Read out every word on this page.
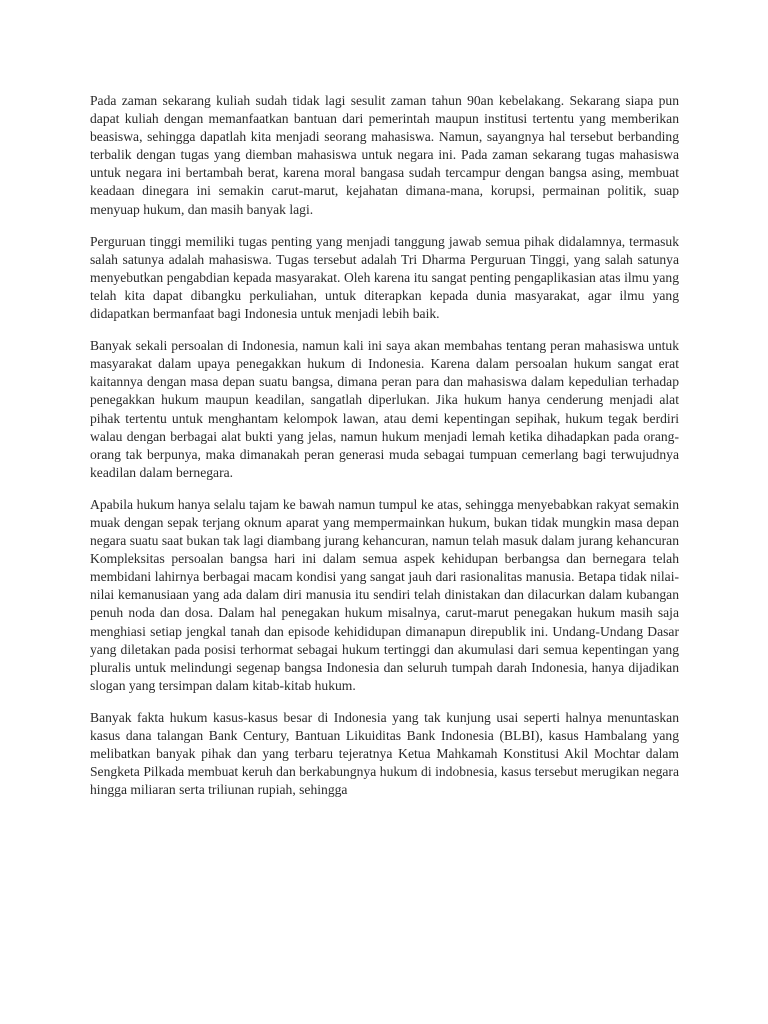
Pada zaman sekarang kuliah sudah tidak lagi sesulit zaman tahun 90an kebelakang. Sekarang siapa pun dapat kuliah dengan memanfaatkan bantuan dari pemerintah maupun institusi tertentu yang memberikan beasiswa, sehingga dapatlah kita menjadi seorang mahasiswa. Namun, sayangnya hal tersebut berbanding terbalik dengan tugas yang diemban mahasiswa untuk negara ini. Pada zaman sekarang tugas mahasiswa untuk negara ini bertambah berat, karena moral bangasa sudah tercampur dengan bangsa asing, membuat keadaan dinegara ini semakin carut-marut, kejahatan dimana-mana, korupsi, permainan politik, suap menyuap hukum, dan masih banyak lagi.

Perguruan tinggi memiliki tugas penting yang menjadi tanggung jawab semua pihak didalamnya, termasuk salah satunya adalah mahasiswa. Tugas tersebut adalah Tri Dharma Perguruan Tinggi, yang salah satunya menyebutkan pengabdian kepada masyarakat. Oleh karena itu sangat penting pengaplikasian atas ilmu yang telah kita dapat dibangku perkuliahan, untuk diterapkan kepada dunia masyarakat, agar ilmu yang didapatkan bermanfaat bagi Indonesia untuk menjadi lebih baik.

Banyak sekali persoalan di Indonesia, namun kali ini saya akan membahas tentang peran mahasiswa untuk masyarakat dalam upaya penegakkan hukum di Indonesia. Karena dalam persoalan hukum sangat erat kaitannya dengan masa depan suatu bangsa, dimana peran para dan mahasiswa dalam kepedulian terhadap penegakkan hukum maupun keadilan, sangatlah diperlukan. Jika hukum hanya cenderung menjadi alat pihak tertentu untuk menghantam kelompok lawan, atau demi kepentingan sepihak, hukum tegak berdiri walau dengan berbagai alat bukti yang jelas, namun hukum menjadi lemah ketika dihadapkan pada orang-orang tak berpunya, maka dimanakah peran generasi muda sebagai tumpuan cemerlang bagi terwujudnya keadilan dalam bernegara.

Apabila hukum hanya selalu tajam ke bawah namun tumpul ke atas, sehingga menyebabkan rakyat semakin muak dengan sepak terjang oknum aparat yang mempermainkan hukum, bukan tidak mungkin masa depan negara suatu saat bukan tak lagi diambang jurang kehancuran, namun telah masuk dalam jurang kehancuran Kompleksitas persoalan bangsa hari ini dalam semua aspek kehidupan berbangsa dan bernegara telah membidani lahirnya berbagai macam kondisi yang sangat jauh dari rasionalitas manusia. Betapa tidak nilai-nilai kemanusiaan yang ada dalam diri manusia itu sendiri telah dinistakan dan dilacurkan dalam kubangan penuh noda dan dosa. Dalam hal penegakan hukum misalnya, carut-marut penegakan hukum masih saja menghiasi setiap jengkal tanah dan episode kehididupan dimanapun direpublik ini. Undang-Undang Dasar yang diletakan pada posisi terhormat sebagai hukum tertinggi dan akumulasi dari semua kepentingan yang pluralis untuk melindungi segenap bangsa Indonesia dan seluruh tumpah darah Indonesia, hanya dijadikan slogan yang tersimpan dalam kitab-kitab hukum.

Banyak fakta hukum kasus-kasus besar di Indonesia yang tak kunjung usai seperti halnya menuntaskan kasus dana talangan Bank Century, Bantuan Likuiditas Bank Indonesia (BLBI), kasus Hambalang yang melibatkan banyak pihak dan yang terbaru tejeratnya Ketua Mahkamah Konstitusi Akil Mochtar dalam Sengketa Pilkada membuat keruh dan berkabungnya hukum di indobnesia, kasus tersebut merugikan negara hingga miliaran serta triliunan rupiah, sehingga
